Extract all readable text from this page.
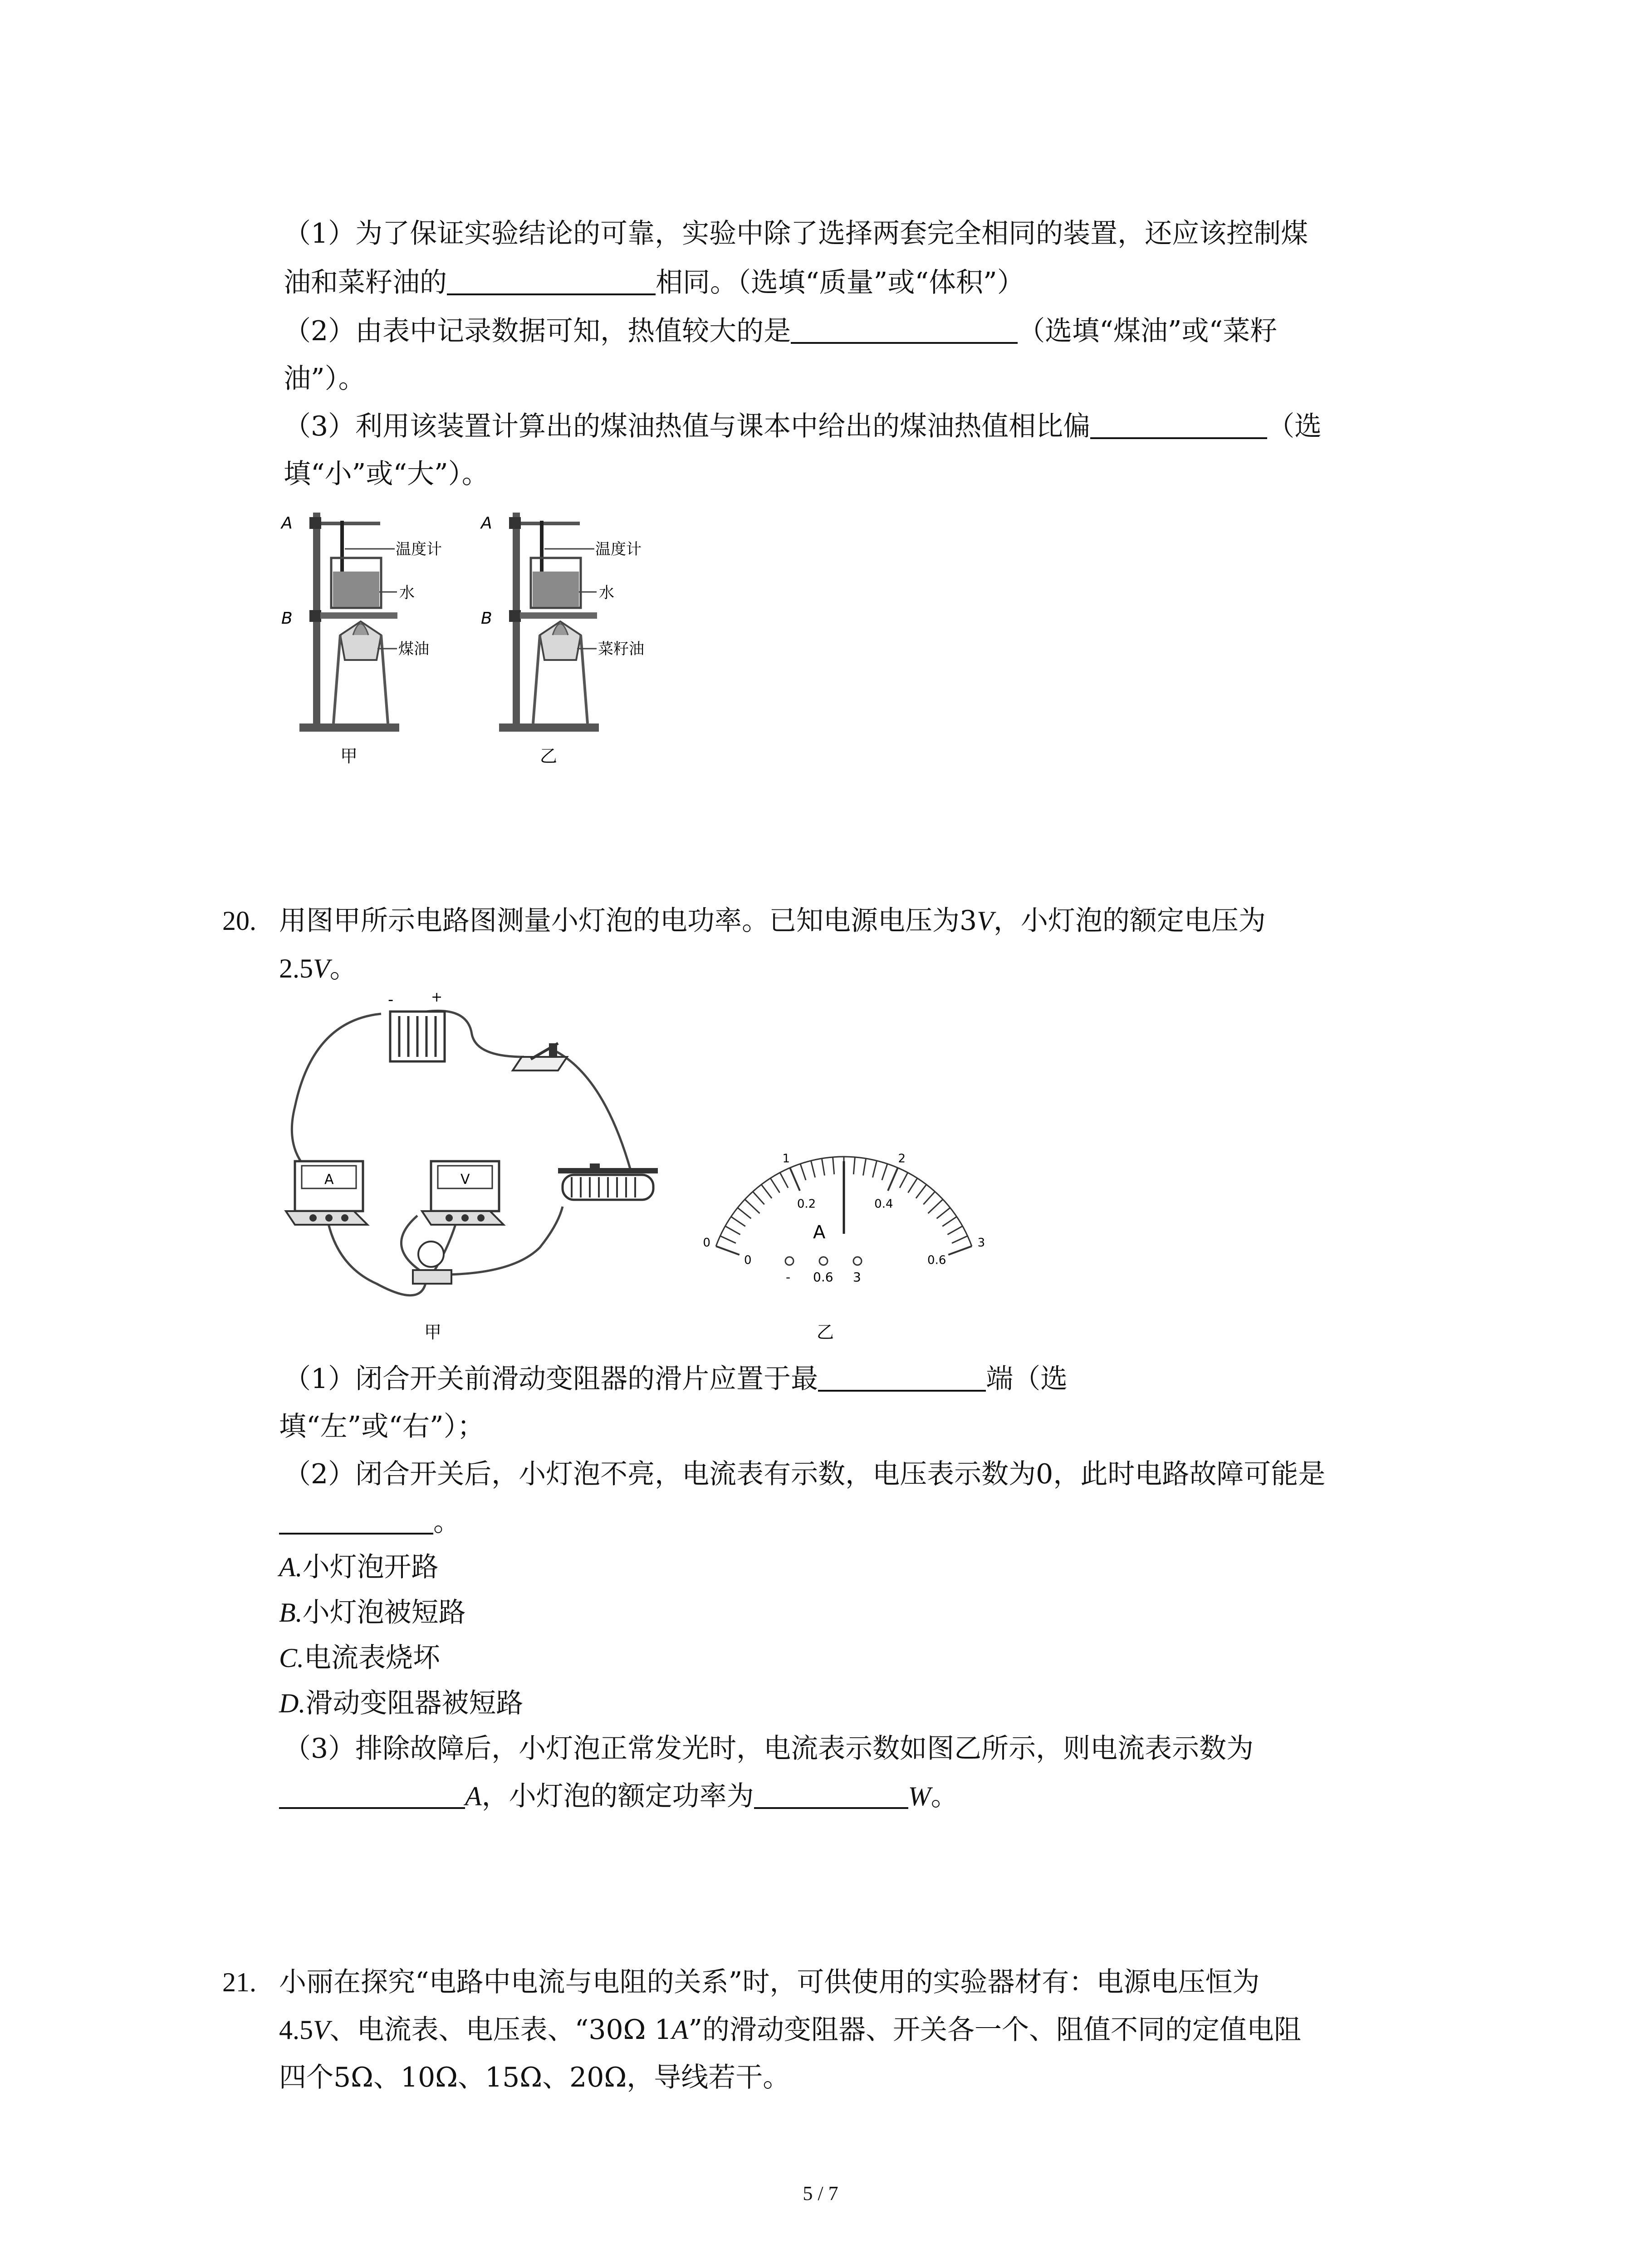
（1）为了保证实验结论的可靠，实验中除了选择两套完全相同的装置，还应该控制煤
油和菜籽油的	相同。（选填“质量”或“体积”）
（2）由表中记录数据可知，热值较大的是	（选填“煤油”或“菜籽
油”）。
（3）利用该装置计算出的煤油热值与课本中给出的煤油热值相比偏	（选
填“小”或“大”）。
A
B
温度计
水
煤油
甲
A
B
温度计
水
菜籽油
乙
20. 用图甲所示电路图测量小灯泡的电功率。已知电源电压为3V，小灯泡的额定电压为
2.5V。
-	+
A	V
甲
0
1	2
3
0
0.2	0.4
0.6
A
- 0.6 3
乙
（1）闭合开关前滑动变阻器的滑片应置于最	端（选
填“左”或“右”）；
（2）闭合开关后，小灯泡不亮，电流表有示数，电压表示数为0，此时电路故障可能是
。
A.小灯泡开路
B.小灯泡被短路
C.电流表烧坏
D.滑动变阻器被短路
（3）排除故障后，小灯泡正常发光时，电流表示数如图乙所示，则电流表示数为
A，小灯泡的额定功率为	W。
21. 小丽在探究“电路中电流与电阻的关系”时，可供使用的实验器材有：电源电压恒为
4.5V、电流表、电压表、“30Ω 1A”的滑动变阻器、开关各一个、阻值不同的定值电阻
四个5Ω、10Ω、15Ω、20Ω，导线若干。
5 / 7
